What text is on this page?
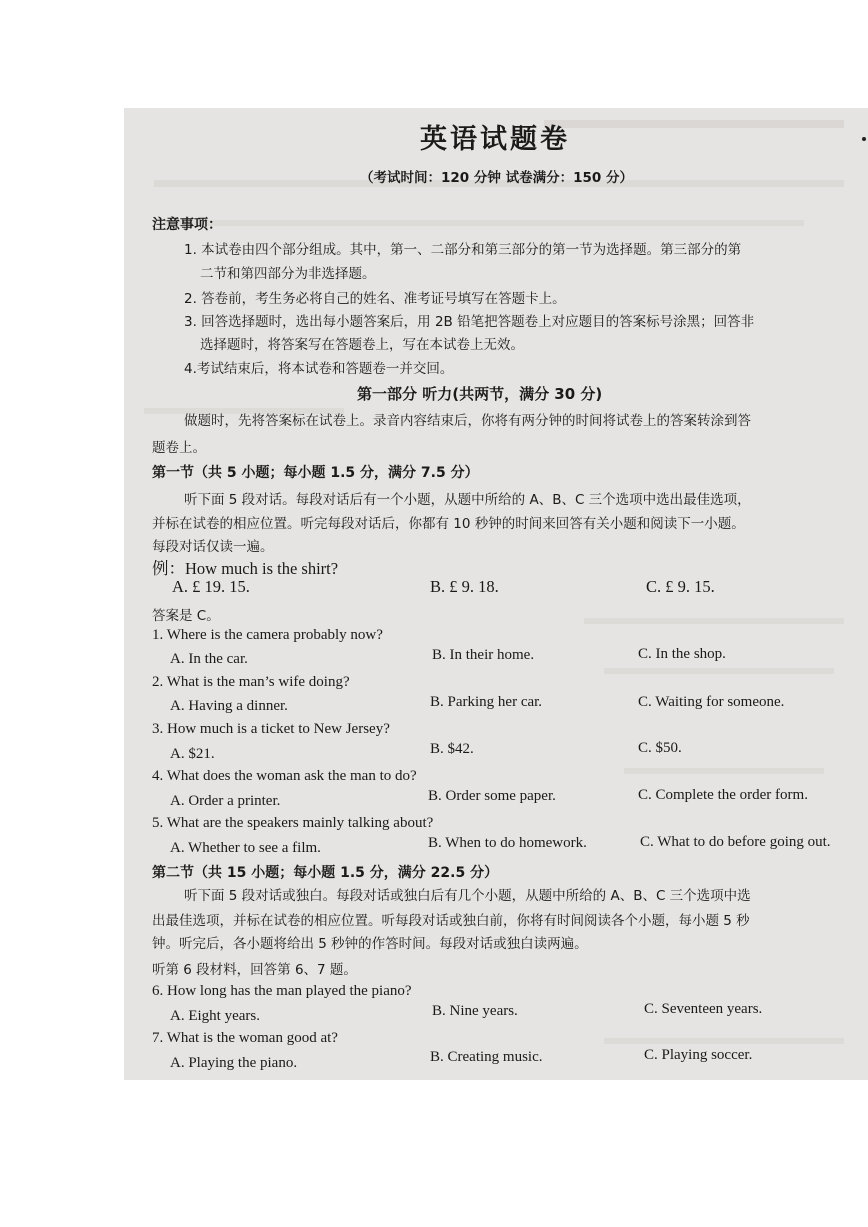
英语试题卷
（考试时间：120 分钟 试卷满分：150 分）
注意事项：
1. 本试卷由四个部分组成。其中，第一、二部分和第三部分的第一节为选择题。第三部分的第
二节和第四部分为非选择题。
2. 答卷前，考生务必将自己的姓名、准考证号填写在答题卡上。
3. 回答选择题时，选出每小题答案后，用 2B 铅笔把答题卷上对应题目的答案标号涂黑；回答非
选择题时，将答案写在答题卷上，写在本试卷上无效。
4.考试结束后，将本试卷和答题卷一并交回。
第一部分 听力(共两节，满分 30 分)
做题时，先将答案标在试卷上。录音内容结束后，你将有两分钟的时间将试卷上的答案转涂到答
题卷上。
第一节（共 5 小题；每小题 1.5 分，满分 7.5 分）
听下面 5 段对话。每段对话后有一个小题，从题中所给的 A、B、C 三个选项中选出最佳选项，
并标在试卷的相应位置。听完每段对话后，你都有 10 秒钟的时间来回答有关小题和阅读下一小题。
每段对话仅读一遍。
例：How much is the shirt?
A. £ 19. 15.	B. £ 9. 18.	C. £ 9. 15.
答案是 C。
1. Where is the camera probably now?
A. In the car.	B. In their home.	C. In the shop.
2. What is the man’s wife doing?
A. Having a dinner.	B. Parking her car.	C. Waiting for someone.
3. How much is a ticket to New Jersey?
A. $21.	B. $42.	C. $50.
4. What does the woman ask the man to do?
A. Order a printer.	B. Order some paper.	C. Complete the order form.
5. What are the speakers mainly talking about?
A. Whether to see a film.	B. When to do homework.	C. What to do before going out.
第二节（共 15 小题；每小题 1.5 分，满分 22.5 分）
听下面 5 段对话或独白。每段对话或独白后有几个小题，从题中所给的 A、B、C 三个选项中选
出最佳选项，并标在试卷的相应位置。听每段对话或独白前，你将有时间阅读各个小题，每小题 5 秒
钟。听完后，各小题将给出 5 秒钟的作答时间。每段对话或独白读两遍。
听第 6 段材料，回答第 6、7 题。
6. How long has the man played the piano?
A. Eight years.	B. Nine years.	C. Seventeen years.
7. What is the woman good at?
A. Playing the piano.	B. Creating music.	C. Playing soccer.
